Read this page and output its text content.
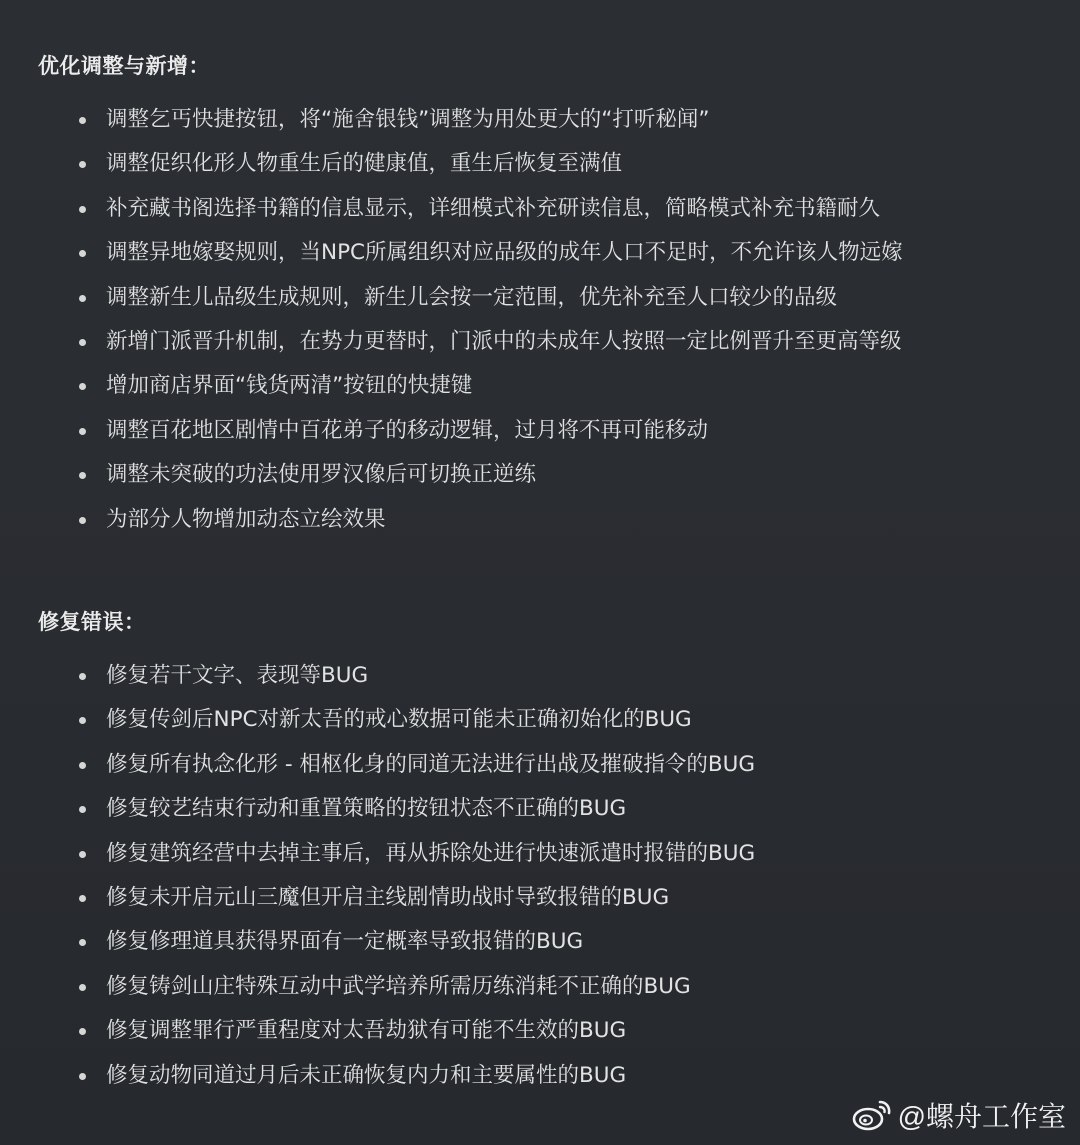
优化调整与新增：
调整乞丐快捷按钮，将“施舍银钱”调整为用处更大的“打听秘闻”
调整促织化形人物重生后的健康值，重生后恢复至满值
补充藏书阁选择书籍的信息显示，详细模式补充研读信息，简略模式补充书籍耐久
调整异地嫁娶规则，当NPC所属组织对应品级的成年人口不足时，不允许该人物远嫁
调整新生儿品级生成规则，新生儿会按一定范围，优先补充至人口较少的品级
新增门派晋升机制，在势力更替时，门派中的未成年人按照一定比例晋升至更高等级
增加商店界面“钱货两清”按钮的快捷键
调整百花地区剧情中百花弟子的移动逻辑，过月将不再可能移动
调整未突破的功法使用罗汉像后可切换正逆练
为部分人物增加动态立绘效果
修复错误：
修复若干文字、表现等BUG
修复传剑后NPC对新太吾的戒心数据可能未正确初始化的BUG
修复所有执念化形 - 相枢化身的同道无法进行出战及摧破指令的BUG
修复较艺结束行动和重置策略的按钮状态不正确的BUG
修复建筑经营中去掉主事后，再从拆除处进行快速派遣时报错的BUG
修复未开启元山三魔但开启主线剧情助战时导致报错的BUG
修复修理道具获得界面有一定概率导致报错的BUG
修复铸剑山庄特殊互动中武学培养所需历练消耗不正确的BUG
修复调整罪行严重程度对太吾劫狱有可能不生效的BUG
修复动物同道过月后未正确恢复内力和主要属性的BUG
@螺舟工作室
